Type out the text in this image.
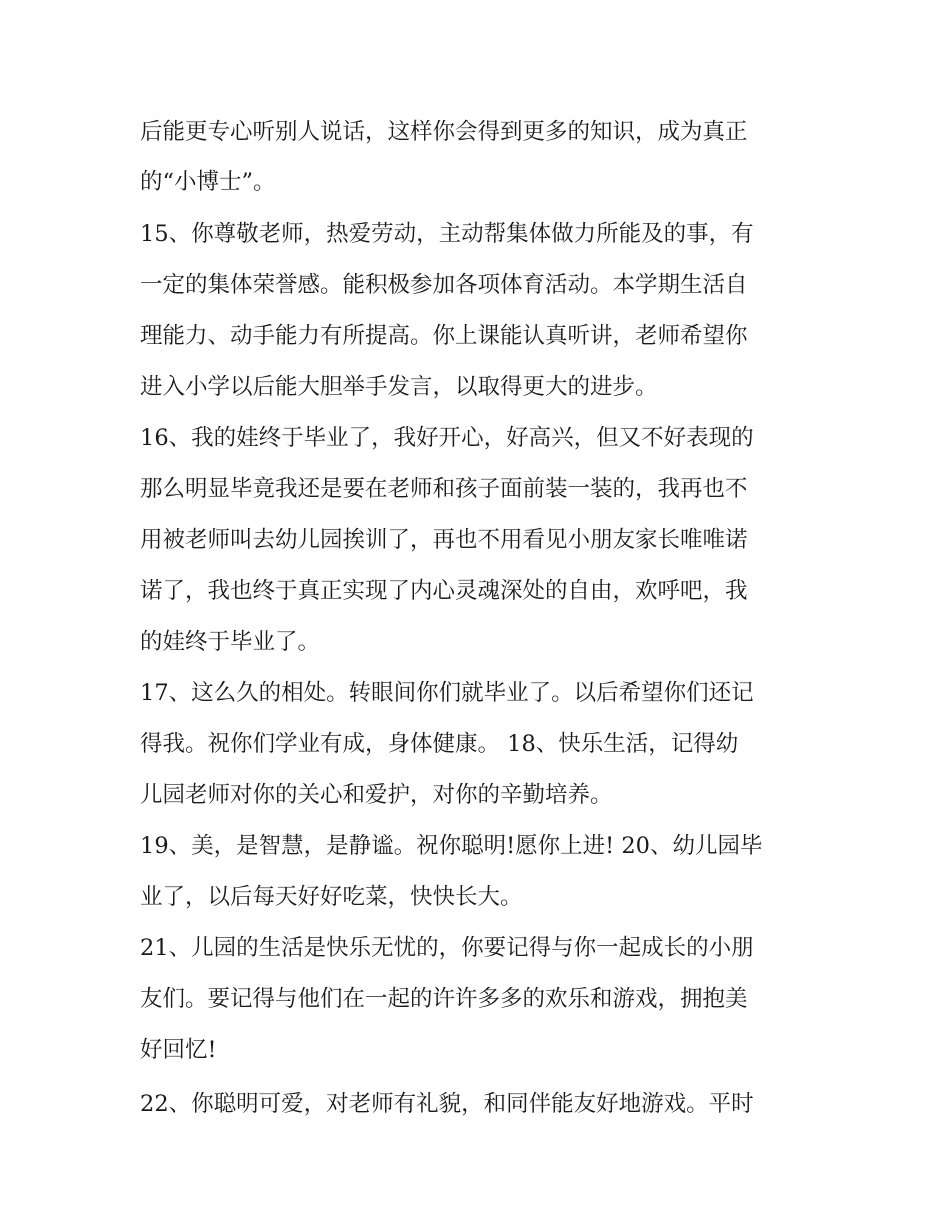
后能更专心听别人说话，这样你会得到更多的知识，成为真正
的“小博士”。
15、你尊敬老师，热爱劳动，主动帮集体做力所能及的事，有
一定的集体荣誉感。能积极参加各项体育活动。本学期生活自
理能力、动手能力有所提高。你上课能认真听讲，老师希望你
进入小学以后能大胆举手发言，以取得更大的进步。
16、我的娃终于毕业了，我好开心，好高兴，但又不好表现的
那么明显毕竟我还是要在老师和孩子面前装一装的，我再也不
用被老师叫去幼儿园挨训了，再也不用看见小朋友家长唯唯诺
诺了，我也终于真正实现了内心灵魂深处的自由，欢呼吧，我
的娃终于毕业了。
17、这么久的相处。转眼间你们就毕业了。以后希望你们还记
得我。祝你们学业有成，身体健康。 18、快乐生活，记得幼
儿园老师对你的关心和爱护，对你的辛勤培养。
19、美，是智慧，是静谧。祝你聪明!愿你上进! 20、幼儿园毕
业了，以后每天好好吃菜，快快长大。
21、儿园的生活是快乐无忧的，你要记得与你一起成长的小朋
友们。要记得与他们在一起的许许多多的欢乐和游戏，拥抱美
好回忆!
22、你聪明可爱，对老师有礼貌，和同伴能友好地游戏。平时
